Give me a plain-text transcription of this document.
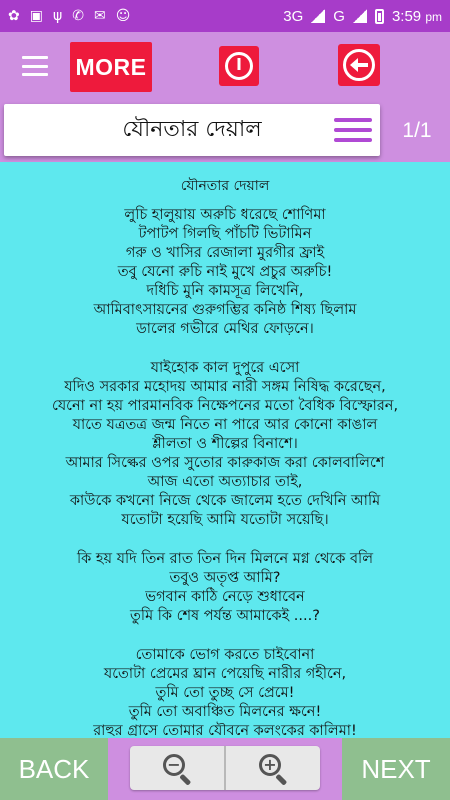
✿ ▣ ψ ✆ ✉ ☺	3G G	3:59 pm
MORE
যৌনতার দেয়াল	1/1
যৌনতার দেয়াল
লুচি হালুয়ায় অরুচি ধরেছে শোণিমা
টপাটপ গিলছি পাঁচটি ভিটামিন
গরু ও খাসির রেজালা মুরগীর ফ্রাই
তবু যেনো রুচি নাই মুখে প্রচুর অরুচি!
দধিচি মুনি কামসূত্র লিখেনি,
আমিবাৎসায়নের গুরুগম্ভির কনিষ্ঠ শিষ্য ছিলাম
ডালের গভীরে মেথির ফোড়নে।
যাইহোক কাল দুপুরে এসো
যদিও সরকার মহোদয় আমার নারী সঙ্গম নিষিদ্ধ করেছেন,
যেনো না হয় পারমানবিক নিক্ষেপনের মতো বৈধিক বিস্ফোরন,
যাতে যত্রতত্র জন্ম নিতে না পারে আর কোনো কাঙাল
শ্লীলতা ও শীল্পের বিনাশে।
আমার সিল্কের ওপর সুতোর কারুকাজ করা কোলবালিশে
আজ এতো অত্যাচার তাই,
কাউকে কখনো নিজে থেকে জালেম হতে দেখিনি আমি
যতোটা হয়েছি আমি যতোটা সয়েছি।
কি হয় যদি তিন রাত তিন দিন মিলনে মগ্ন থেকে বলি
তবুও অতৃপ্ত আমি?
ভগবান কাঠি নেড়ে শুধাবেন
তুমি কি শেষ পর্যন্ত আমাকেই ....?
তোমাকে ভোগ করতে চাইবোনা
যতোটা প্রেমের ঘ্রান পেয়েছি নারীর গহীনে,
তুমি তো তুচ্ছ সে প্রেমে!
তুমি তো অবাঞ্চিত মিলনের ক্ষনে!
রাহুর গ্রাসে তোমার যৌবনে কলংকের কালিমা!
BACK	−	+	NEXT
